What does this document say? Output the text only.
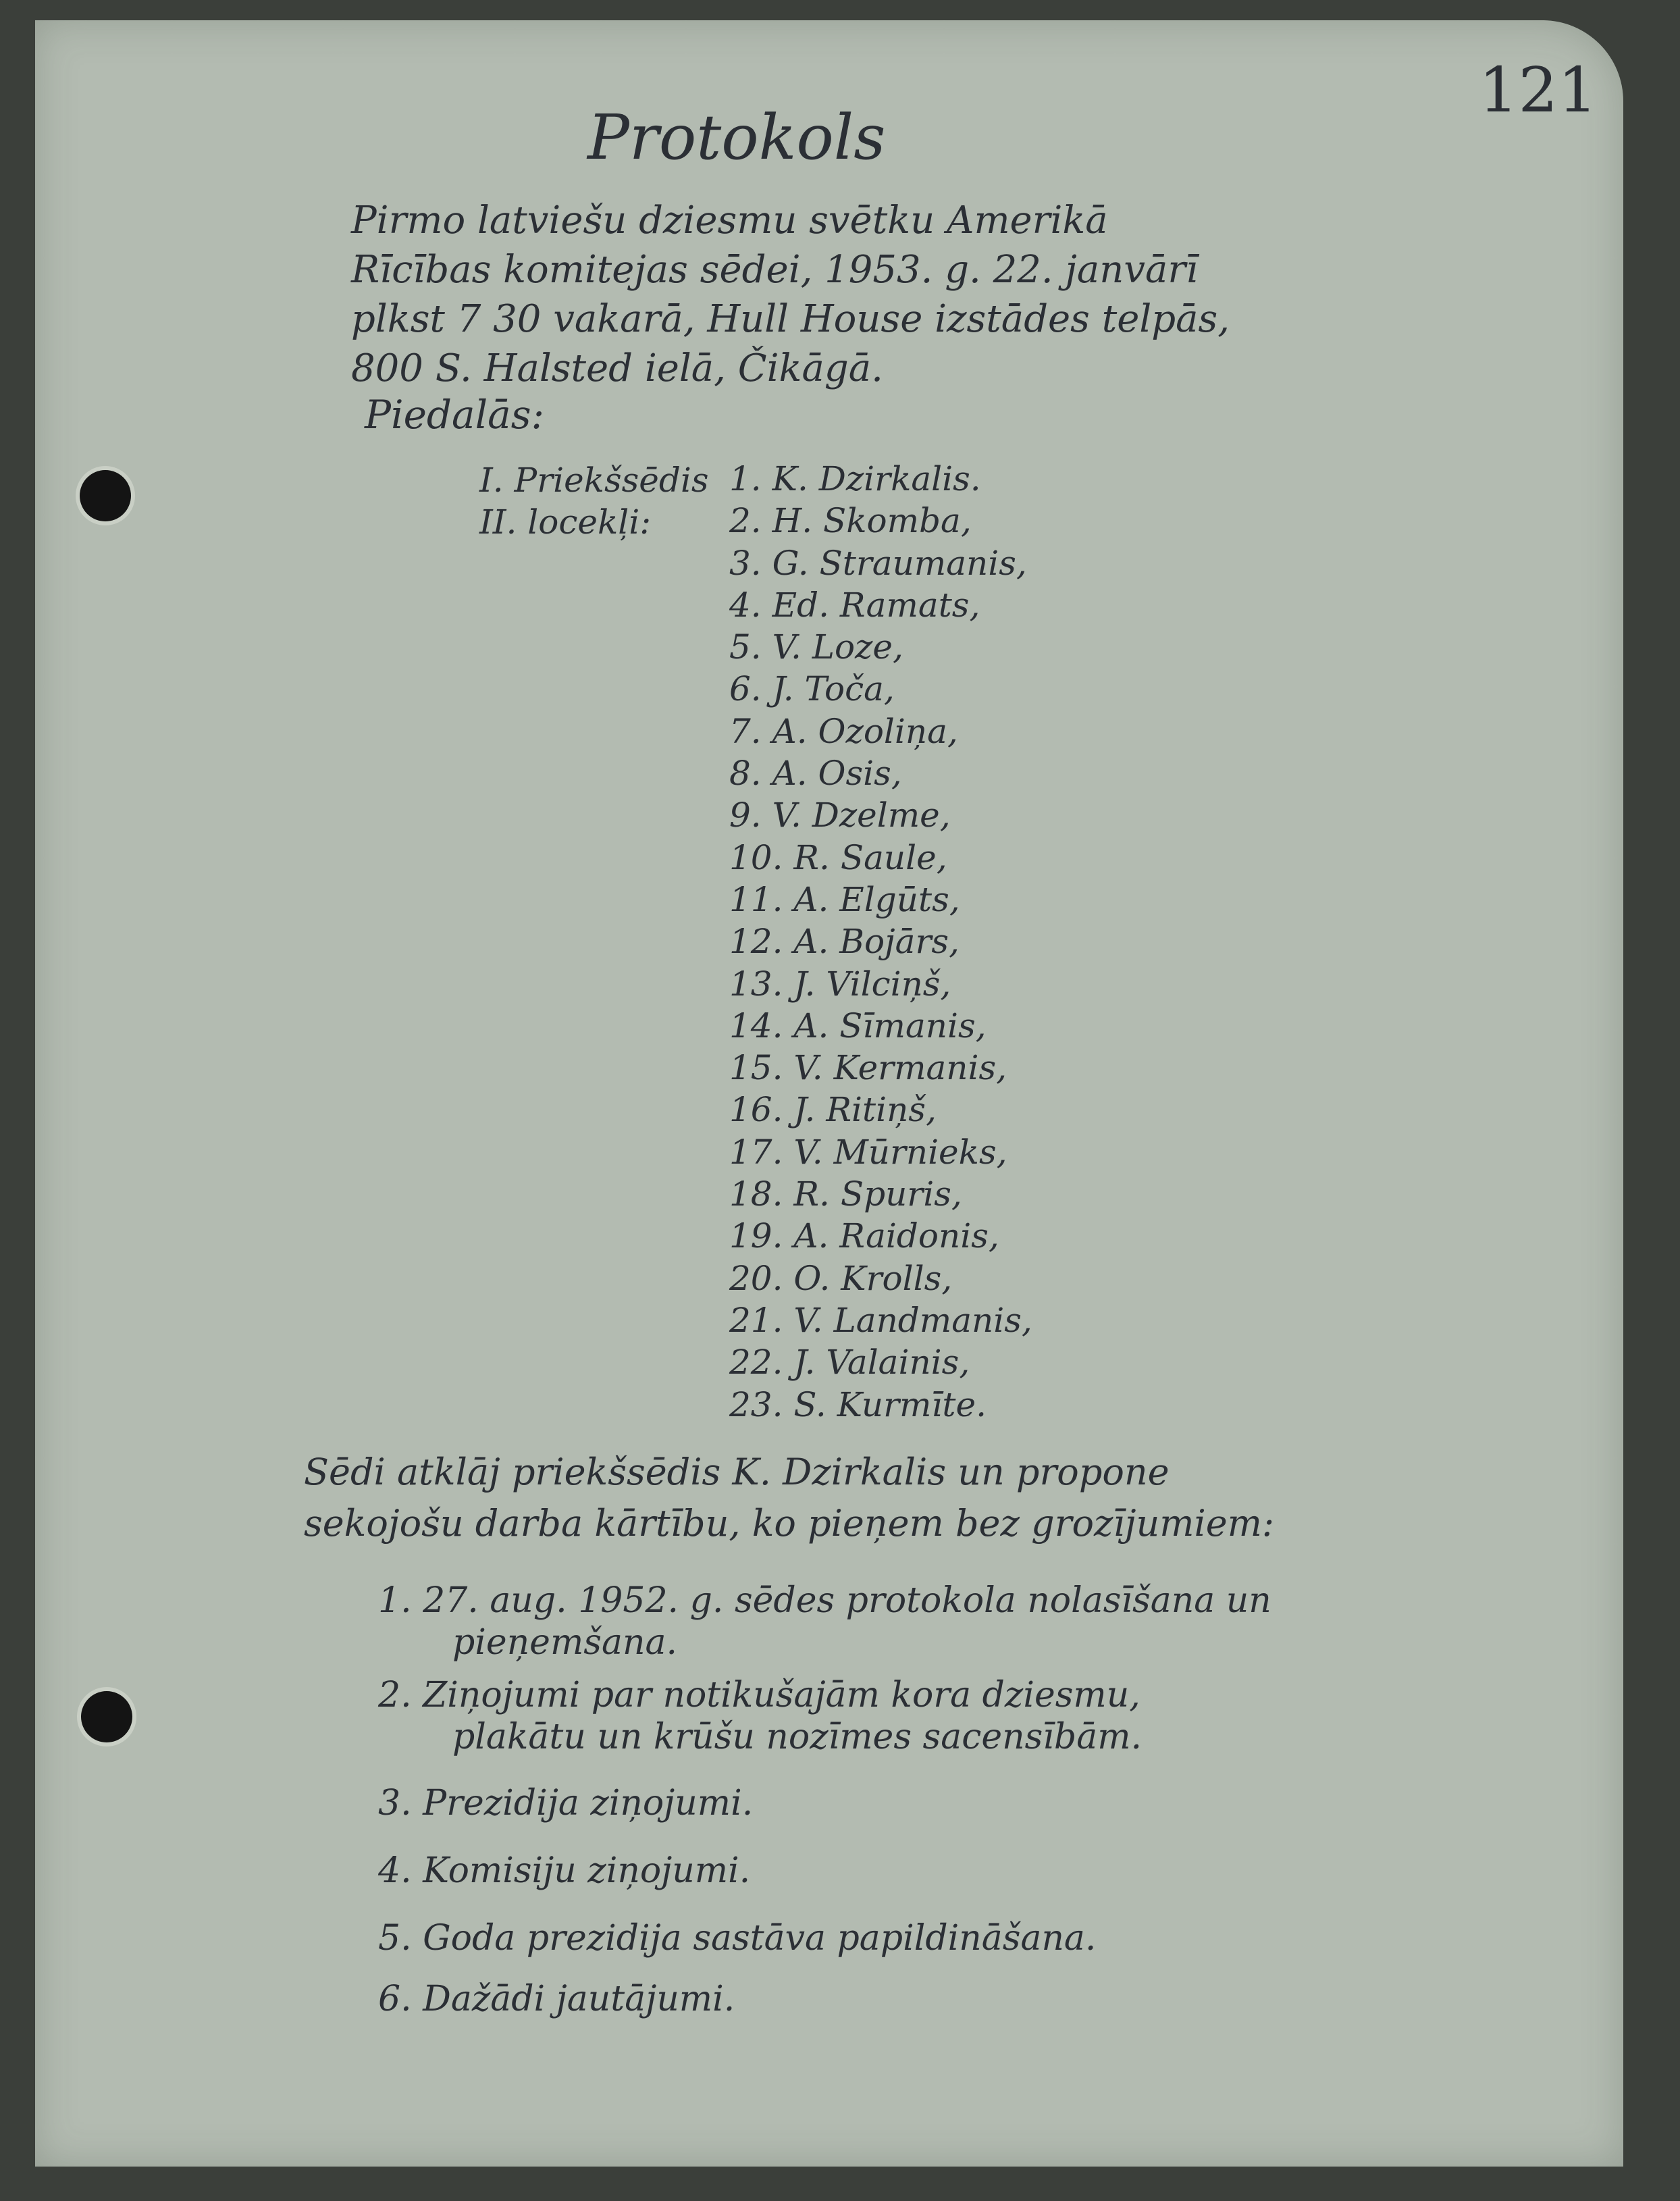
121
Protokols
Pirmo latviešu dziesmu svētku Amerikā
Rīcības komitejas sēdei, 1953. g. 22. janvārī
plkst 7 30 vakarā, Hull House izstādes telpās,
800 S. Halsted ielā, Čikāgā.
Piedalās:
I. Priekšsēdis
II. locekļi:
1. K. Dzirkalis.
2. H. Skomba,
3. G. Straumanis,
4. Ed. Ramats,
5. V. Loze,
6. J. Toča,
7. A. Ozoliņa,
8. A. Osis,
9. V. Dzelme,
10. R. Saule,
11. A. Elgūts,
12. A. Bojārs,
13. J. Vilciņš,
14. A. Sīmanis,
15. V. Kermanis,
16. J. Ritiņš,
17. V. Mūrnieks,
18. R. Spuris,
19. A. Raidonis,
20. O. Krolls,
21. V. Landmanis,
22. J. Valainis,
23. S. Kurmīte.
Sēdi atklāj priekšsēdis K. Dzirkalis un propone
sekojošu darba kārtību, ko pieņem bez grozījumiem:
1. 27. aug. 1952. g. sēdes protokola nolasīšana un
pieņemšana.
2. Ziņojumi par notikušajām kora dziesmu,
plakātu un krūšu nozīmes sacensībām.
3. Prezidija ziņojumi.
4. Komisiju ziņojumi.
5. Goda prezidija sastāva papildināšana.
6. Dažādi jautājumi.
